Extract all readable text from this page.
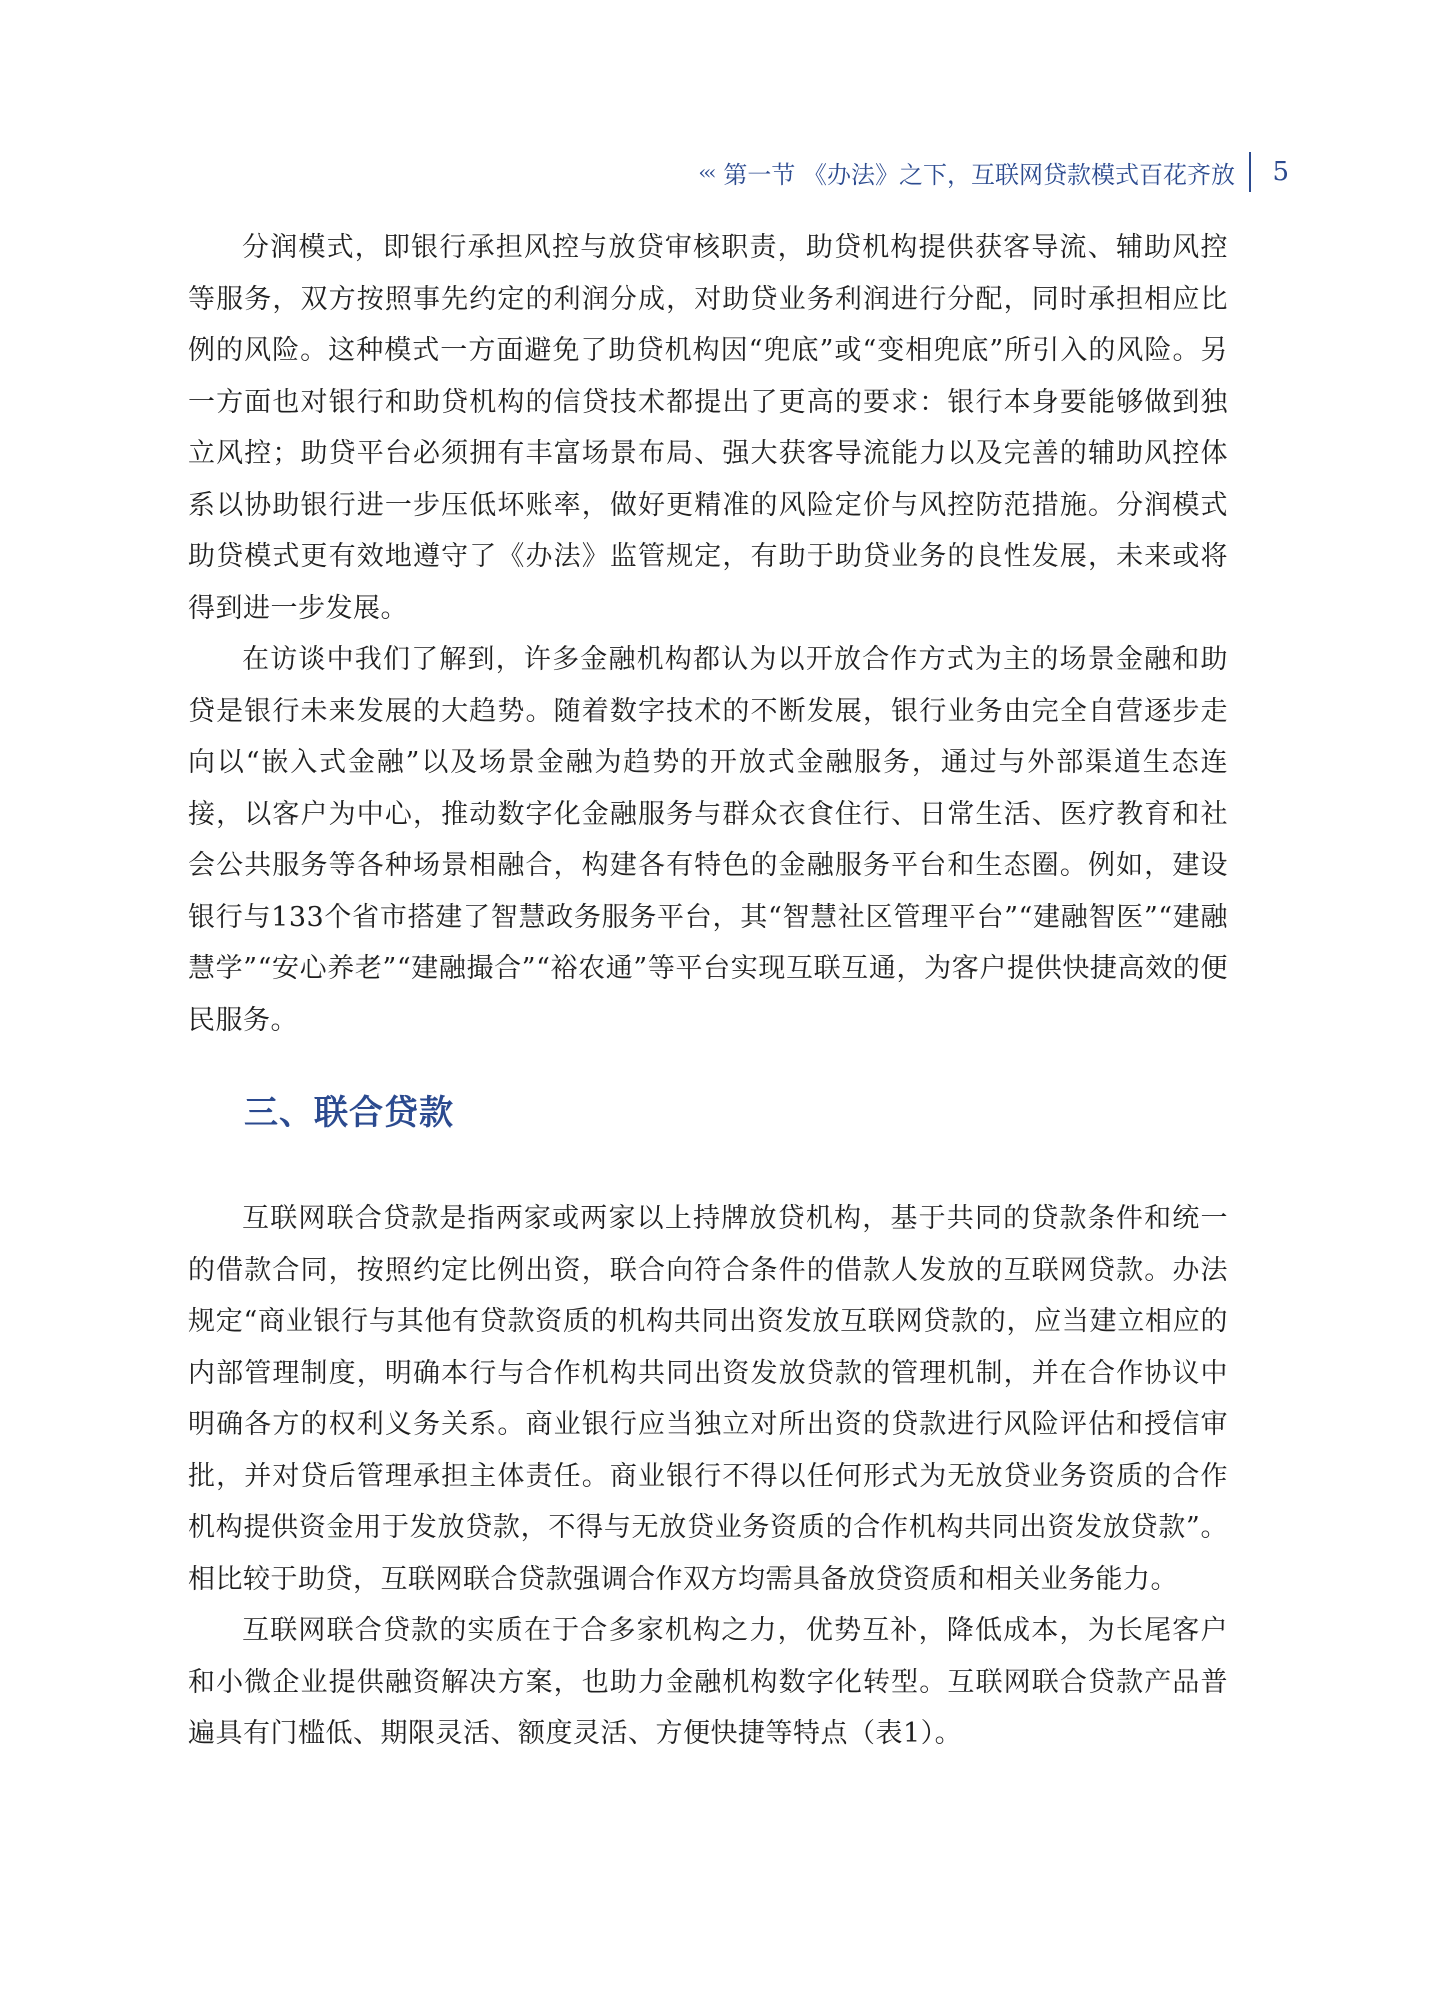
‹‹‹ 第一节 《办法》之下，互联网贷款模式百花齐放 5

分润模式，即银行承担风控与放贷审核职责，助贷机构提供获客导流、辅助风控等服务，双方按照事先约定的利润分成，对助贷业务利润进行分配，同时承担相应比例的风险。这种模式一方面避免了助贷机构因“兜底”或“变相兜底”所引入的风险。另一方面也对银行和助贷机构的信贷技术都提出了更高的要求：银行本身要能够做到独立风控；助贷平台必须拥有丰富场景布局、强大获客导流能力以及完善的辅助风控体系以协助银行进一步压低坏账率，做好更精准的风险定价与风控防范措施。分润模式助贷模式更有效地遵守了《办法》监管规定，有助于助贷业务的良性发展，未来或将得到进一步发展。

在访谈中我们了解到，许多金融机构都认为以开放合作方式为主的场景金融和助贷是银行未来发展的大趋势。随着数字技术的不断发展，银行业务由完全自营逐步走向以“嵌入式金融”以及场景金融为趋势的开放式金融服务，通过与外部渠道生态连接，以客户为中心，推动数字化金融服务与群众衣食住行、日常生活、医疗教育和社会公共服务等各种场景相融合，构建各有特色的金融服务平台和生态圈。例如，建设银行与133个省市搭建了智慧政务服务平台，其“智慧社区管理平台”“建融智医”“建融慧学”“安心养老”“建融撮合”“裕农通”等平台实现互联互通，为客户提供快捷高效的便民服务。

三、联合贷款

互联网联合贷款是指两家或两家以上持牌放贷机构，基于共同的贷款条件和统一的借款合同，按照约定比例出资，联合向符合条件的借款人发放的互联网贷款。办法规定“商业银行与其他有贷款资质的机构共同出资发放互联网贷款的，应当建立相应的内部管理制度，明确本行与合作机构共同出资发放贷款的管理机制，并在合作协议中明确各方的权利义务关系。商业银行应当独立对所出资的贷款进行风险评估和授信审批，并对贷后管理承担主体责任。商业银行不得以任何形式为无放贷业务资质的合作机构提供资金用于发放贷款，不得与无放贷业务资质的合作机构共同出资发放贷款”。相比较于助贷，互联网联合贷款强调合作双方均需具备放贷资质和相关业务能力。

互联网联合贷款的实质在于合多家机构之力，优势互补，降低成本，为长尾客户和小微企业提供融资解决方案，也助力金融机构数字化转型。互联网联合贷款产品普遍具有门槛低、期限灵活、额度灵活、方便快捷等特点（表1）。
